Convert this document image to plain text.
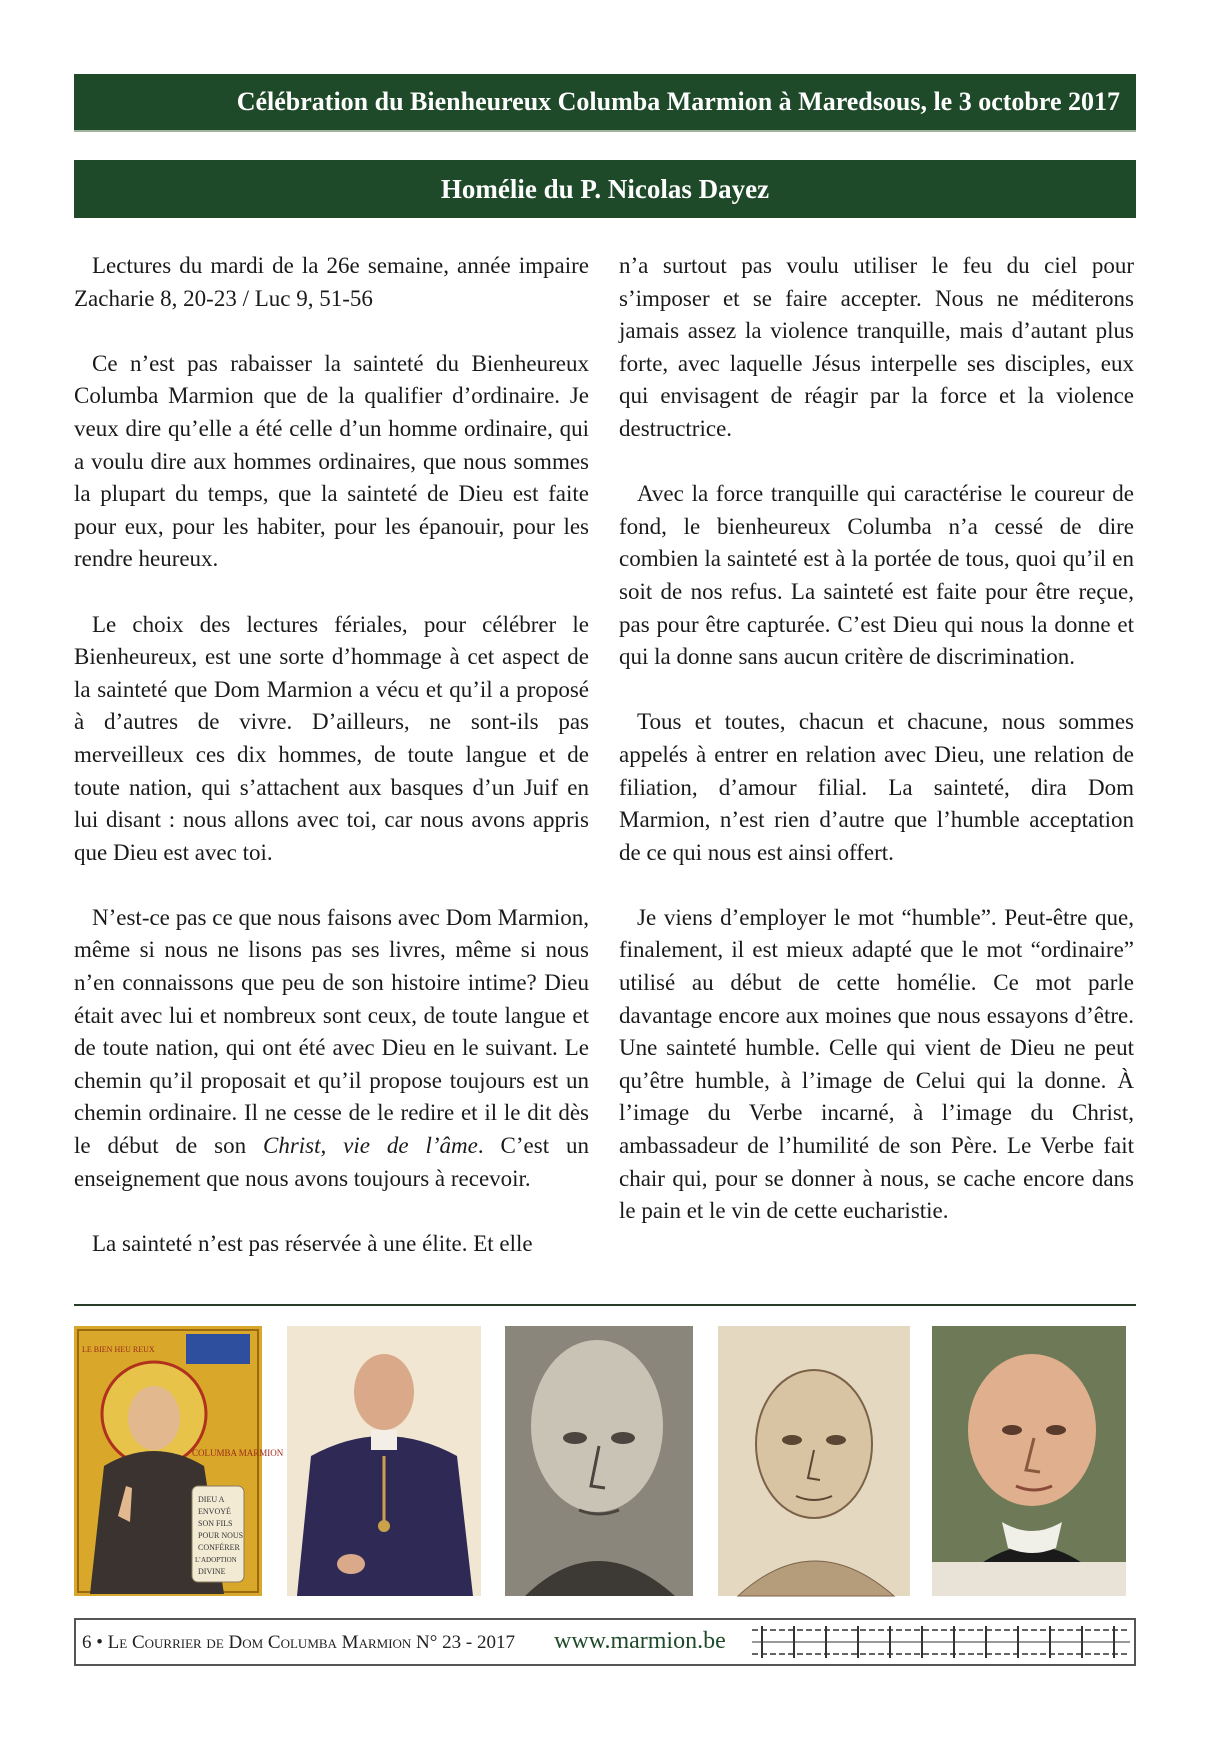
Célébration du Bienheureux Columba Marmion à Maredsous, le 3 octobre 2017
Homélie du P. Nicolas Dayez

Lectures du mardi de la 26e semaine, année impaire Zacharie 8, 20-23 / Luc 9, 51-56

Ce n’est pas rabaisser la sainteté du Bienheureux Columba Marmion que de la qualifier d’ordinaire. Je veux dire qu’elle a été celle d’un homme ordinaire, qui a voulu dire aux hommes ordinaires, que nous sommes la plupart du temps, que la sainteté de Dieu est faite pour eux, pour les habiter, pour les épanouir, pour les rendre heureux.

Le choix des lectures fériales, pour célébrer le Bienheureux, est une sorte d’hommage à cet aspect de la sainteté que Dom Marmion a vécu et qu’il a proposé à d’autres de vivre. D’ailleurs, ne sont-ils pas merveilleux ces dix hommes, de toute langue et de toute nation, qui s’attachent aux basques d’un Juif en lui disant : nous allons avec toi, car nous avons appris que Dieu est avec toi.

N’est-ce pas ce que nous faisons avec Dom Marmion, même si nous ne lisons pas ses livres, même si nous n’en connaissons que peu de son histoire intime? Dieu était avec lui et nombreux sont ceux, de toute langue et de toute nation, qui ont été avec Dieu en le suivant. Le chemin qu’il proposait et qu’il propose toujours est un chemin ordinaire. Il ne cesse de le redire et il le dit dès le début de son Christ, vie de l’âme. C’est un enseignement que nous avons toujours à recevoir.

La sainteté n’est pas réservée à une élite. Et elle

n’a surtout pas voulu utiliser le feu du ciel pour s’imposer et se faire accepter. Nous ne méditerons jamais assez la violence tranquille, mais d’autant plus forte, avec laquelle Jésus interpelle ses disciples, eux qui envisagent de réagir par la force et la violence destructrice.

Avec la force tranquille qui caractérise le coureur de fond, le bienheureux Columba n’a cessé de dire combien la sainteté est à la portée de tous, quoi qu’il en soit de nos refus. La sainteté est faite pour être reçue, pas pour être capturée. C’est Dieu qui nous la donne et qui la donne sans aucun critère de discrimination.

Tous et toutes, chacun et chacune, nous sommes appelés à entrer en relation avec Dieu, une relation de filiation, d’amour filial. La sainteté, dira Dom Marmion, n’est rien d’autre que l’humble acceptation de ce qui nous est ainsi offert.

Je viens d’employer le mot “humble”. Peut-être que, finalement, il est mieux adapté que le mot “ordinaire” utilisé au début de cette homélie. Ce mot parle davantage encore aux moines que nous essayons d’être. Une sainteté humble. Celle qui vient de Dieu ne peut qu’être humble, à l’image de Celui qui la donne. À l’image du Verbe incarné, à l’image du Christ, ambassadeur de l’humilité de son Père. Le Verbe fait chair qui, pour se donner à nous, se cache encore dans le pain et le vin de cette eucharistie.

LE BIEN HEU REUX
COLUMBA MARMION
DIEU A
ENVOYÉ
SON FILS
POUR NOUS
CONFÉRER
L’ADOPTION
DIVINE
6 • Le Courrier de Dom Columba Marmion N° 23 - 2017 www.marmion.be
